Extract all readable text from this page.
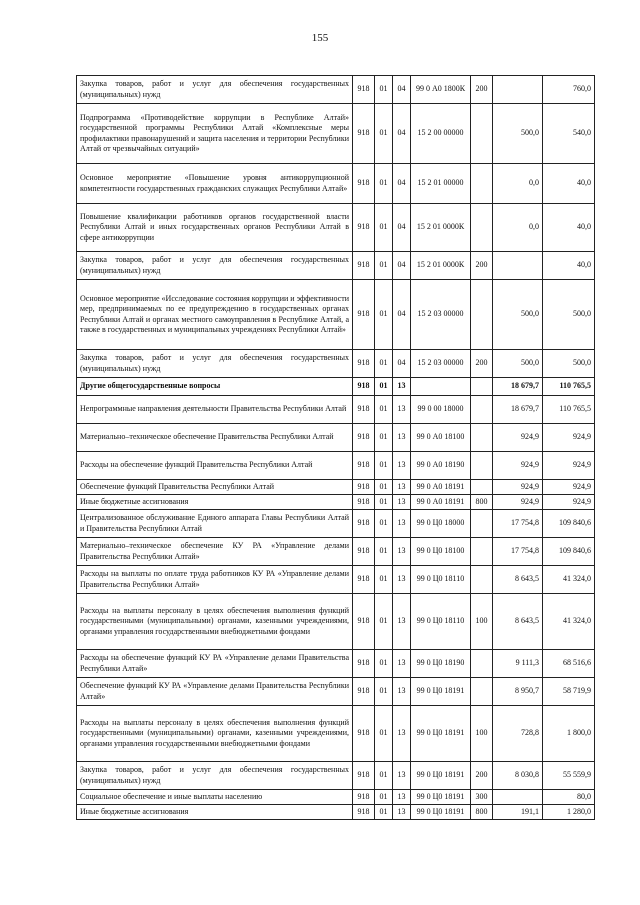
155
Закупка товаров, работ и услуг для обеспечения государственных (муниципальных) нужд	918	01	04	99 0 А0 1800К	200		760,0
Подпрограмма «Противодействие коррупции в Республике Алтай» государственной программы Республики Алтай «Комплексные меры профилактики правонарушений и защита населения и территории Республики Алтай от чрезвычайных ситуаций»	918	01	04	15 2 00 00000		500,0	540,0
Основное мероприятие «Повышение уровня антикоррупционной компетентности государственных гражданских служащих Республики Алтай»	918	01	04	15 2 01 00000		0,0	40,0
Повышение квалификации работников органов государственной власти Республики Алтай и иных государственных органов Республики Алтай в сфере антикоррупции	918	01	04	15 2 01 0000К		0,0	40,0
Закупка товаров, работ и услуг для обеспечения государственных (муниципальных) нужд	918	01	04	15 2 01 0000К	200		40,0
Основное мероприятие «Исследование состояния коррупции и эффективности мер, предпринимаемых по ее предупреждению в государственных органах Республики Алтай и органах местного самоуправления в Республике Алтай, а также в государственных и муниципальных учреждениях Республики Алтай»	918	01	04	15 2 03 00000		500,0	500,0
Закупка товаров, работ и услуг для обеспечения государственных (муниципальных) нужд	918	01	04	15 2 03 00000	200	500,0	500,0
Другие общегосударственные вопросы	918	01	13			18 679,7	110 765,5
Непрограммные направления деятельности Правительства Республики Алтай	918	01	13	99 0 00 18000		18 679,7	110 765,5
Материально–техническое обеспечение Правительства Республики Алтай	918	01	13	99 0 А0 18100		924,9	924,9
Расходы на обеспечение функций Правительства Республики Алтай	918	01	13	99 0 А0 18190		924,9	924,9
Обеспечение функций Правительства Республики Алтай	918	01	13	99 0 А0 18191		924,9	924,9
Иные бюджетные ассигнования	918	01	13	99 0 А0 18191	800	924,9	924,9
Централизованное обслуживание Единого аппарата Главы Республики Алтай и Правительства Республики Алтай	918	01	13	99 0 Ц0 18000		17 754,8	109 840,6
Материально–техническое обеспечение КУ РА «Управление делами Правительства Республики Алтай»	918	01	13	99 0 Ц0 18100		17 754,8	109 840,6
Расходы на выплаты по оплате труда работников КУ РА «Управление делами Правительства Республики Алтай»	918	01	13	99 0 Ц0 18110		8 643,5	41 324,0
Расходы на выплаты персоналу в целях обеспечения выполнения функций государственными (муниципальными) органами, казенными учреждениями, органами управления государственными внебюджетными фондами	918	01	13	99 0 Ц0 18110	100	8 643,5	41 324,0
Расходы на обеспечение функций КУ РА «Управление делами Правительства Республики Алтай»	918	01	13	99 0 Ц0 18190		9 111,3	68 516,6
Обеспечение функций КУ РА «Управление делами Правительства Республики Алтай»	918	01	13	99 0 Ц0 18191		8 950,7	58 719,9
Расходы на выплаты персоналу в целях обеспечения выполнения функций государственными (муниципальными) органами, казенными учреждениями, органами управления государственными внебюджетными фондами	918	01	13	99 0 Ц0 18191	100	728,8	1 800,0
Закупка товаров, работ и услуг для обеспечения государственных (муниципальных) нужд	918	01	13	99 0 Ц0 18191	200	8 030,8	55 559,9
Социальное обеспечение и иные выплаты населению	918	01	13	99 0 Ц0 18191	300		80,0
Иные бюджетные ассигнования	918	01	13	99 0 Ц0 18191	800	191,1	1 280,0
